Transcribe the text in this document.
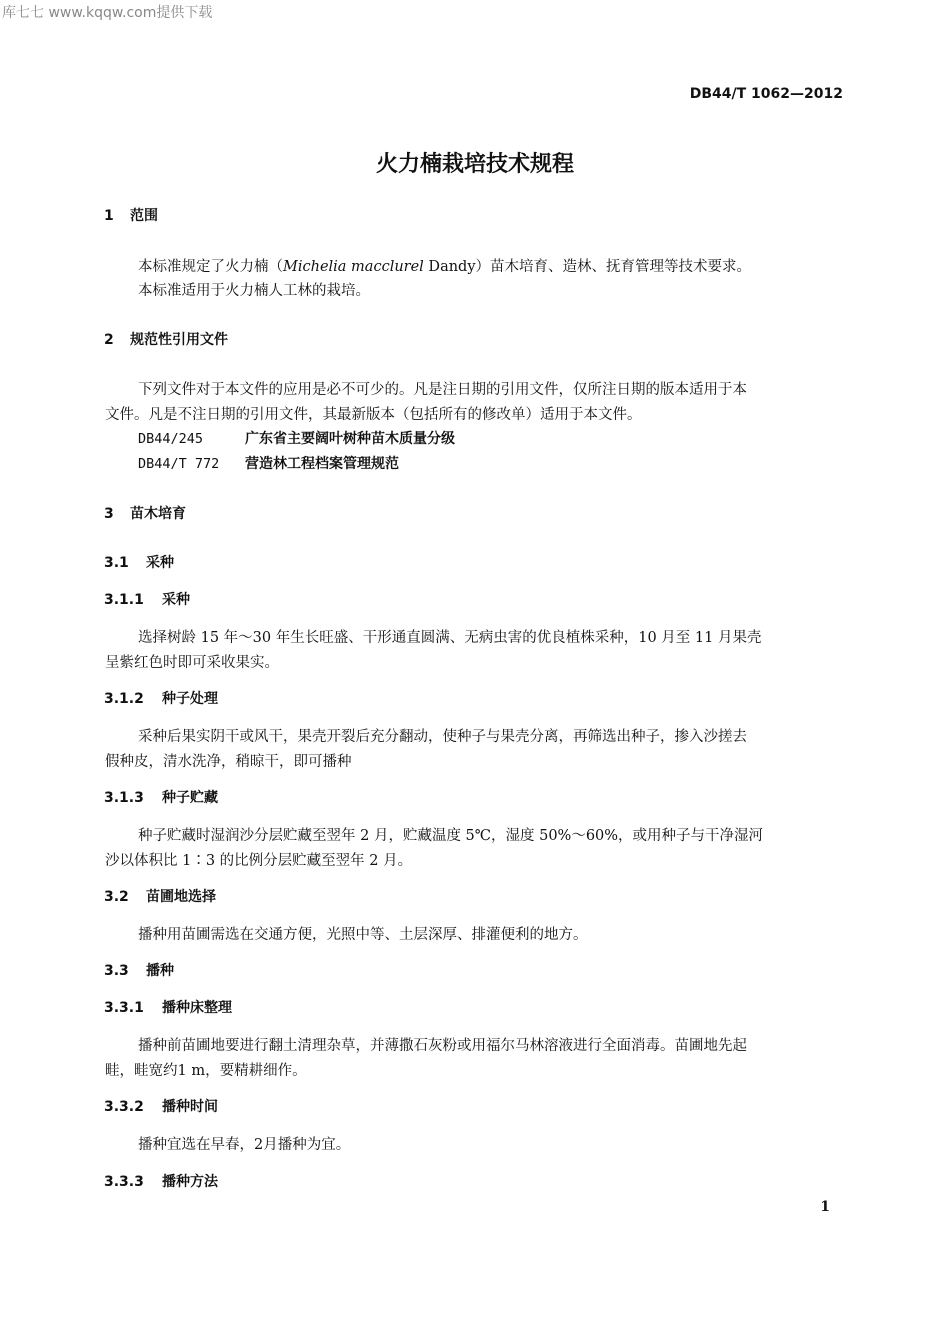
库七七 www.kqqw.com提供下载
DB44/T 1062—2012
火力楠栽培技术规程
1 范围
本标准规定了火力楠（Michelia macclurel Dandy）苗木培育、造林、抚育管理等技术要求。
本标准适用于火力楠人工林的栽培。
2 规范性引用文件
下列文件对于本文件的应用是必不可少的。凡是注日期的引用文件，仅所注日期的版本适用于本
文件。凡是不注日期的引用文件，其最新版本（包括所有的修改单）适用于本文件。
DB44/245	广东省主要阔叶树种苗木质量分级
DB44/T 772 营造林工程档案管理规范
3 苗木培育
3.1 采种
3.1.1 采种
选择树龄 15 年～30 年生长旺盛、干形通直圆满、无病虫害的优良植株采种，10 月至 11 月果壳
呈紫红色时即可采收果实。
3.1.2 种子处理
采种后果实阴干或风干，果壳开裂后充分翻动，使种子与果壳分离，再筛选出种子，掺入沙搓去
假种皮，清水洗净，稍晾干，即可播种
3.1.3 种子贮藏
种子贮藏时湿润沙分层贮藏至翌年 2 月，贮藏温度 5℃，湿度 50%～60%，或用种子与干净湿河
沙以体积比 1∶3 的比例分层贮藏至翌年 2 月。
3.2 苗圃地选择
播种用苗圃需选在交通方便，光照中等、土层深厚、排灌便利的地方。
3.3 播种
3.3.1 播种床整理
播种前苗圃地要进行翻土清理杂草，并薄撒石灰粉或用福尔马林溶液进行全面消毒。苗圃地先起
畦，畦宽约1 m，要精耕细作。
3.3.2 播种时间
播种宜选在早春，2月播种为宜。
3.3.3 播种方法
1
